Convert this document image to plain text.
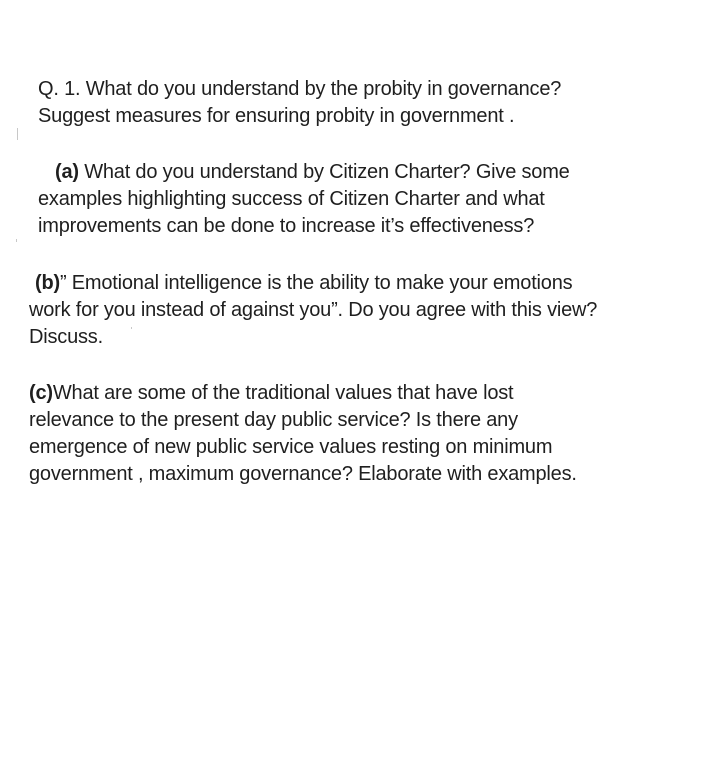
Q. 1. What do you understand by the probity in governance?
Suggest measures for ensuring probity in government .
(a) What do you understand by Citizen Charter? Give some
examples highlighting success of Citizen Charter and what
improvements can be done to increase it’s effectiveness?
(b)” Emotional intelligence is the ability to make your emotions
work for you instead of against you”. Do you agree with this view?
Discuss.
(c)What are some of the traditional values that have lost
relevance to the present day public service? Is there any
emergence of new public service values resting on minimum
government , maximum governance? Elaborate with examples.
